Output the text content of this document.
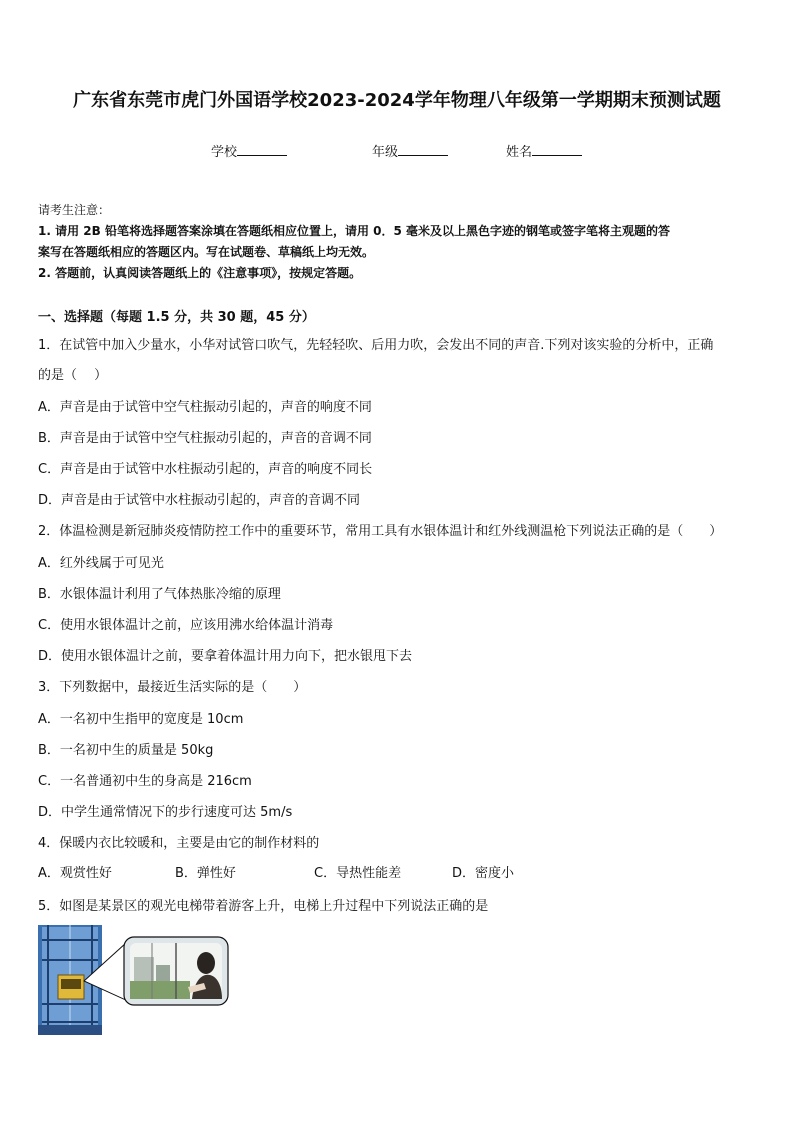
广东省东莞市虎门外国语学校2023-2024学年物理八年级第一学期期末预测试题
学校	年级	姓名
请考生注意：
1. 请用 2B 铅笔将选择题答案涂填在答题纸相应位置上，请用 0．5 毫米及以上黑色字迹的钢笔或签字笔将主观题的答
案写在答题纸相应的答题区内。写在试题卷、草稿纸上均无效。
2. 答题前，认真阅读答题纸上的《注意事项》，按规定答题。
一、选择题（每题 1.5 分，共 30 题，45 分）
1．在试管中加入少量水，小华对试管口吹气，先轻轻吹、后用力吹，会发出不同的声音.下列对该实验的分析中，正确
的是（　 ）
A．声音是由于试管中空气柱振动引起的，声音的响度不同
B．声音是由于试管中空气柱振动引起的，声音的音调不同
C．声音是由于试管中水柱振动引起的，声音的响度不同长
D．声音是由于试管中水柱振动引起的，声音的音调不同
2．体温检测是新冠肺炎疫情防控工作中的重要环节，常用工具有水银体温计和红外线测温枪下列说法正确的是（　　）
A．红外线属于可见光
B．水银体温计利用了气体热胀冷缩的原理
C．使用水银体温计之前，应该用沸水给体温计消毒
D．使用水银体温计之前，要拿着体温计用力向下，把水银甩下去
3．下列数据中，最接近生活实际的是（　　）
A．一名初中生指甲的宽度是 10cm
B．一名初中生的质量是 50kg
C．一名普通初中生的身高是 216cm
D．中学生通常情况下的步行速度可达 5m/s
4．保暖内衣比较暖和，主要是由它的制作材料的
A．观赏性好	B．弹性好	C．导热性能差	D．密度小
5．如图是某景区的观光电梯带着游客上升，电梯上升过程中下列说法正确的是
